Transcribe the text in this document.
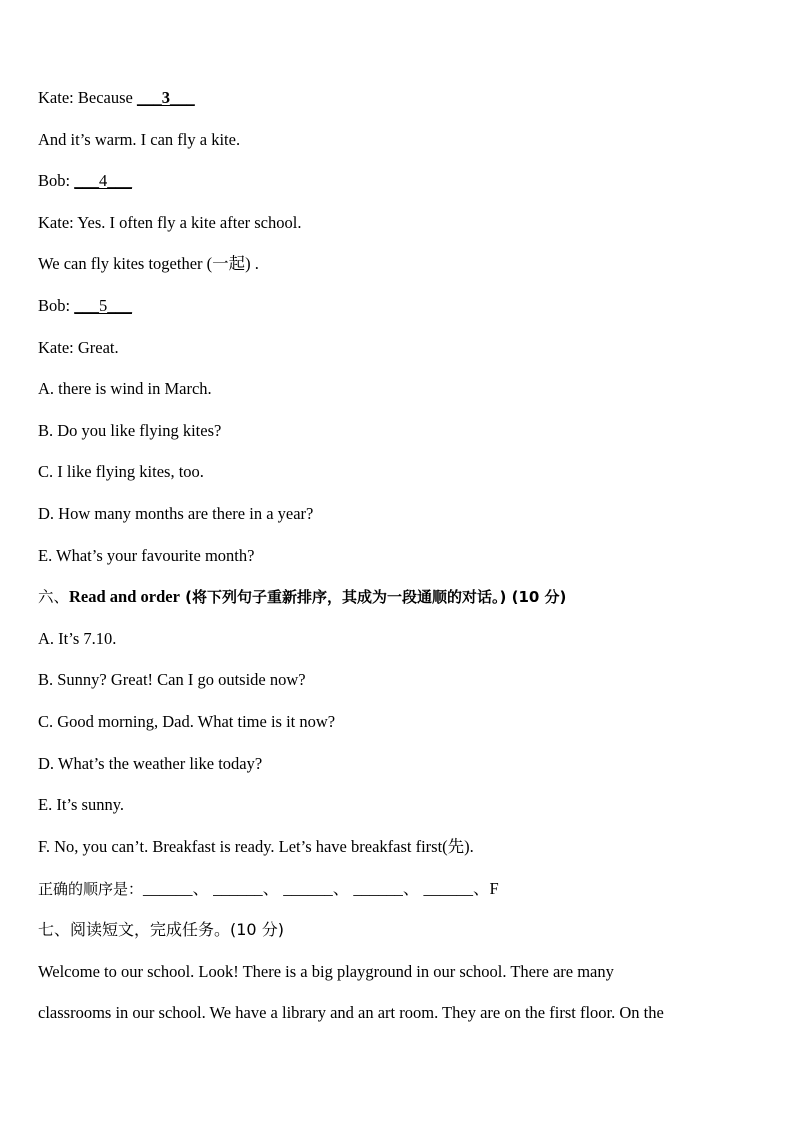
Kate: Because ___3___
And it’s warm. I can fly a kite.
Bob: ___4___
Kate: Yes. I often fly a kite after school.
We can fly kites together (一起) .
Bob: ___5___
Kate: Great.
A. there is wind in March.
B. Do you like flying kites?
C. I like flying kites, too.
D. How many months are there in a year?
E. What’s your favourite month?
六、Read and order (将下列句子重新排序，其成为一段通顺的对话。) (10 分)
A. It’s 7.10.
B. Sunny? Great! Can I go outside now?
C. Good morning, Dad. What time is it now?
D. What’s the weather like today?
E. It’s sunny.
F. No, you can’t. Breakfast is ready. Let’s have breakfast first(先).
正确的顺序是：______、 ______、 ______、 ______、 ______、F
七、阅读短文，完成任务。(10 分)
Welcome to our school. Look! There is a big playground in our school. There are many
classrooms in our school. We have a library and an art room. They are on the first floor. On the
